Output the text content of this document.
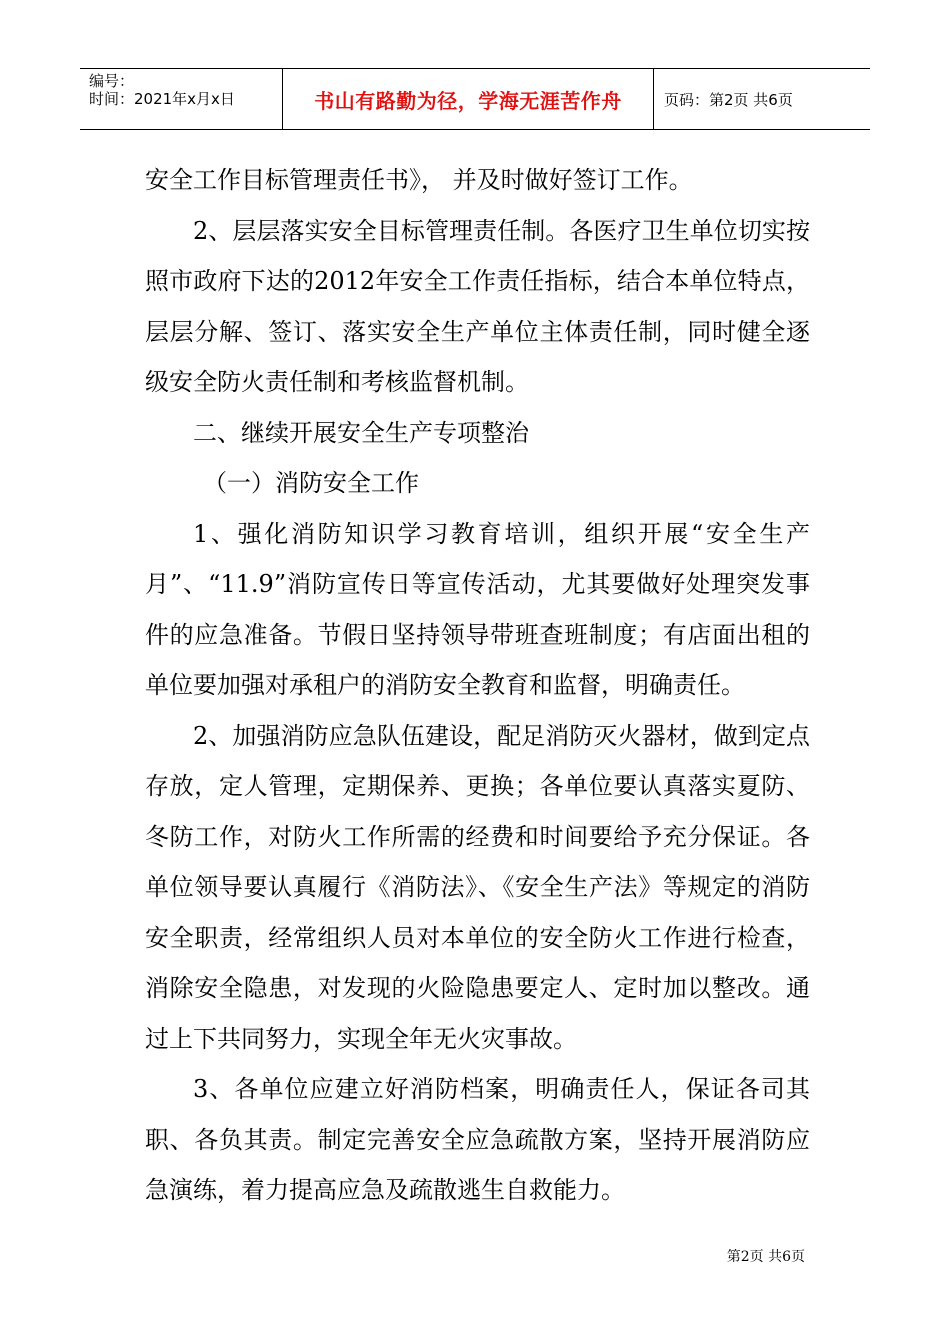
编号：
时间：2021年x月x日	书山有路勤为径，学海无涯苦作舟	页码：第2页 共6页

安全工作目标管理责任书》， 并及时做好签订工作。

2、层层落实安全目标管理责任制。各医疗卫生单位切实按照市政府下达的2012年安全工作责任指标，结合本单位特点，层层分解、签订、落实安全生产单位主体责任制，同时健全逐级安全防火责任制和考核监督机制。

二、继续开展安全生产专项整治

（一）消防安全工作

1、强化消防知识学习教育培训，组织开展“安全生产月”、“11.9”消防宣传日等宣传活动，尤其要做好处理突发事件的应急准备。节假日坚持领导带班查班制度；有店面出租的单位要加强对承租户的消防安全教育和监督，明确责任。

2、加强消防应急队伍建设，配足消防灭火器材，做到定点存放，定人管理，定期保养、更换；各单位要认真落实夏防、冬防工作，对防火工作所需的经费和时间要给予充分保证。各单位领导要认真履行《消防法》、《安全生产法》等规定的消防安全职责，经常组织人员对本单位的安全防火工作进行检查，消除安全隐患，对发现的火险隐患要定人、定时加以整改。通过上下共同努力，实现全年无火灾事故。

3、各单位应建立好消防档案，明确责任人，保证各司其职、各负其责。制定完善安全应急疏散方案，坚持开展消防应急演练，着力提高应急及疏散逃生自救能力。

第2页 共6页
